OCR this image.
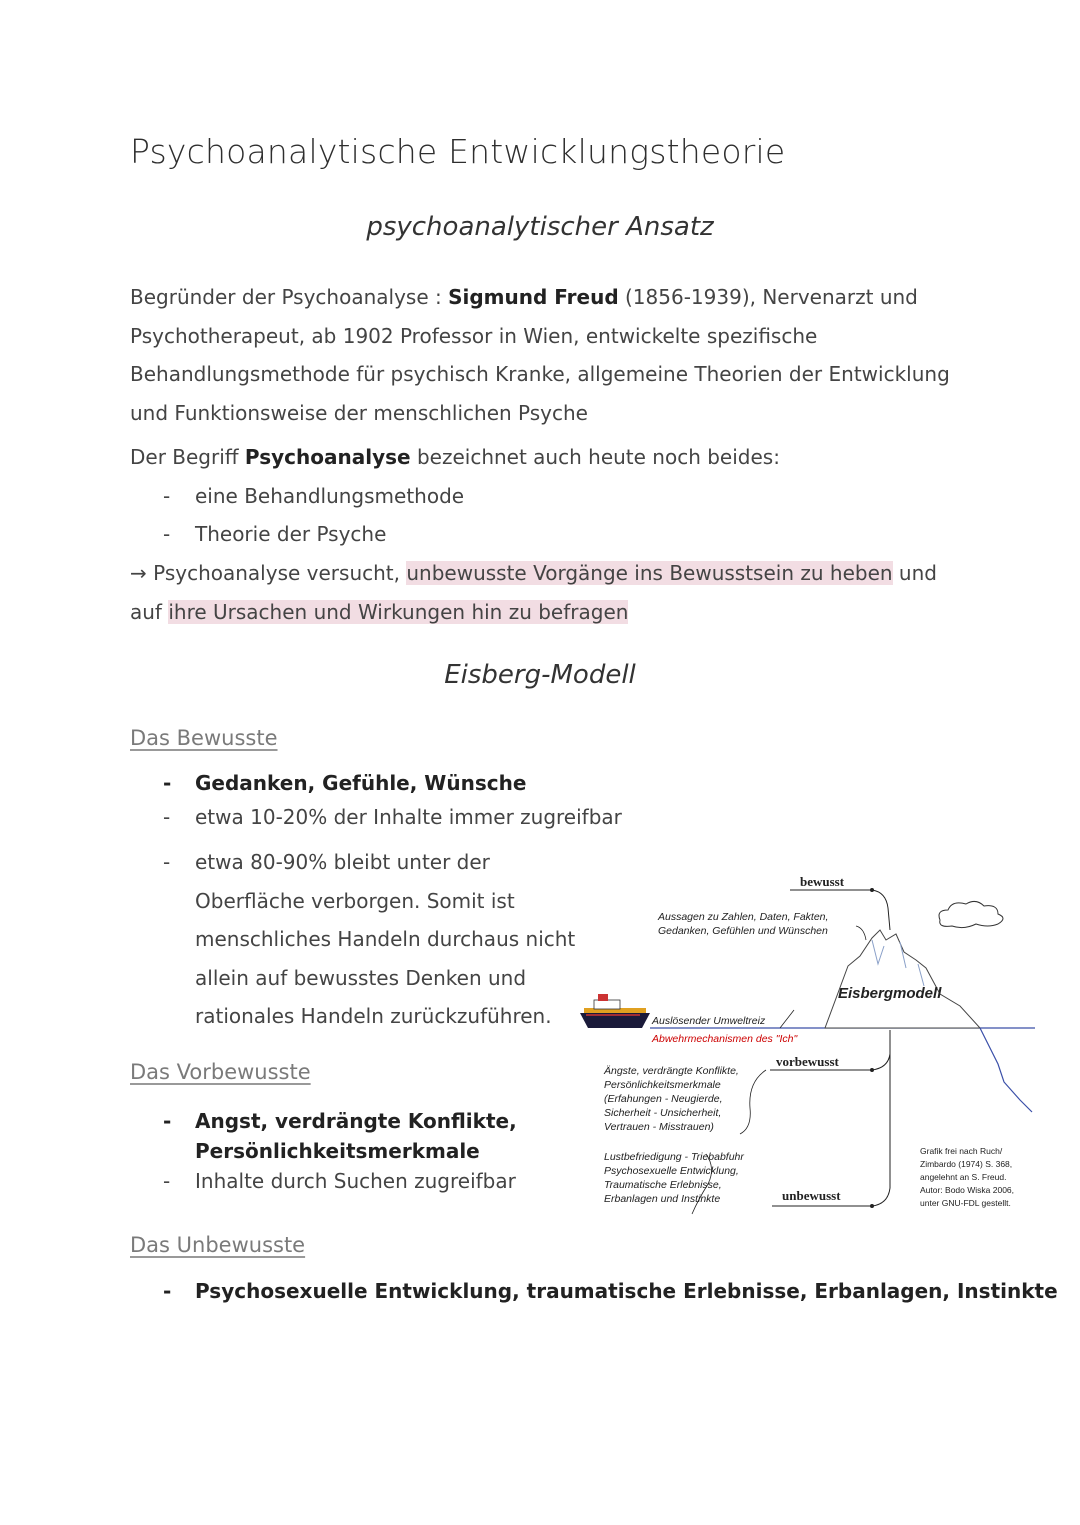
Psychoanalytische Entwicklungstheorie
psychoanalytischer Ansatz
Begründer der Psychoanalyse : Sigmund Freud (1856-1939), Nervenarzt und
Psychotherapeut, ab 1902 Professor in Wien, entwickelte spezifische
Behandlungsmethode für psychisch Kranke, allgemeine Theorien der Entwicklung
und Funktionsweise der menschlichen Psyche
Der Begriff Psychoanalyse bezeichnet auch heute noch beides:
- eine Behandlungsmethode
- Theorie der Psyche
→ Psychoanalyse versucht, unbewusste Vorgänge ins Bewusstsein zu heben und
auf ihre Ursachen und Wirkungen hin zu befragen
Eisberg-Modell
Das Bewusste
- Gedanken, Gefühle, Wünsche
- etwa 10-20% der Inhalte immer zugreifbar
- etwa 80-90% bleibt unter der
Oberfläche verborgen. Somit ist
menschliches Handeln durchaus nicht
allein auf bewusstes Denken und
rationales Handeln zurückzuführen.
Das Vorbewusste
- Angst, verdrängte Konflikte,
Persönlichkeitsmerkmale
- Inhalte durch Suchen zugreifbar
Das Unbewusste
- Psychosexuelle Entwicklung, traumatische Erlebnisse, Erbanlagen, Instinkte
bewusst
Aussagen zu Zahlen, Daten, Fakten,
Gedanken, Gefühlen und Wünschen
Eisbergmodell
Auslösender Umweltreiz
Abwehrmechanismen des "Ich"
vorbewusst
Ängste, verdrängte Konflikte,
Persönlichkeitsmerkmale
(Erfahungen - Neugierde,
Sicherheit - Unsicherheit,
Vertrauen - Misstrauen)
Lustbefriedigung - Triebabfuhr
Psychosexuelle Entwicklung,
Traumatische Erlebnisse,
Erbanlagen und Instinkte	unbewusst
Grafik frei nach Ruch/
Zimbardo (1974) S. 368,
angelehnt an S. Freud.
Autor: Bodo Wiska 2006,
unter GNU-FDL gestellt.
